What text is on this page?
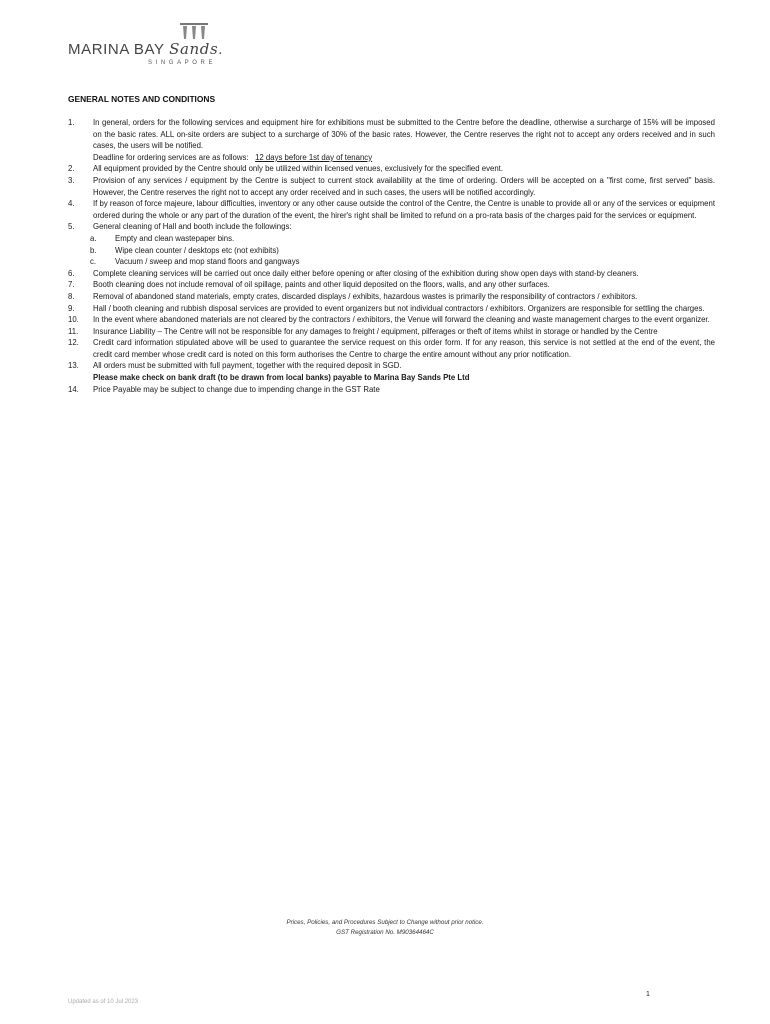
MARINA BAY Sands.
SINGAPORE
GENERAL NOTES AND CONDITIONS
1. In general, orders for the following services and equipment hire for exhibitions must be submitted to the Centre before the deadline, otherwise a surcharge of 15% will be imposed on the basic rates. ALL on-site orders are subject to a surcharge of 30% of the basic rates. However, the Centre reserves the right not to accept any orders received and in such cases, the users will be notified.
Deadline for ordering services are as follows: 12 days before 1st day of tenancy
2. All equipment provided by the Centre should only be utilized within licensed venues, exclusively for the specified event.
3. Provision of any services / equipment by the Centre is subject to current stock availability at the time of ordering. Orders will be accepted on a "first come, first served" basis. However, the Centre reserves the right not to accept any order received and in such cases, the users will be notified accordingly.
4. If by reason of force majeure, labour difficulties, inventory or any other cause outside the control of the Centre, the Centre is unable to provide all or any of the services or equipment ordered during the whole or any part of the duration of the event, the hirer's right shall be limited to refund on a pro-rata basis of the charges paid for the services or equipment.
5. General cleaning of Hall and booth include the followings:
a. Empty and clean wastepaper bins.
b. Wipe clean counter / desktops etc (not exhibits)
c. Vacuum / sweep and mop stand floors and gangways
6. Complete cleaning services will be carried out once daily either before opening or after closing of the exhibition during show open days with stand-by cleaners.
7. Booth cleaning does not include removal of oil spillage, paints and other liquid deposited on the floors, walls, and any other surfaces.
8. Removal of abandoned stand materials, empty crates, discarded displays / exhibits, hazardous wastes is primarily the responsibility of contractors / exhibitors.
9. Hall / booth cleaning and rubbish disposal services are provided to event organizers but not individual contractors / exhibitors. Organizers are responsible for settling the charges.
10. In the event where abandoned materials are not cleared by the contractors / exhibitors, the Venue will forward the cleaning and waste management charges to the event organizer.
11. Insurance Liability – The Centre will not be responsible for any damages to freight / equipment, pilferages or theft of items whilst in storage or handled by the Centre
12. Credit card information stipulated above will be used to guarantee the service request on this order form. If for any reason, this service is not settled at the end of the event, the credit card member whose credit card is noted on this form authorises the Centre to charge the entire amount without any prior notification.
13. All orders must be submitted with full payment, together with the required deposit in SGD.
Please make check on bank draft (to be drawn from local banks) payable to Marina Bay Sands Pte Ltd
14. Price Payable may be subject to change due to impending change in the GST Rate
Prices, Policies, and Procedures Subject to Change without prior notice.
GST Registration No. M90364464C
1
Updated as of 10 Jul 2023
